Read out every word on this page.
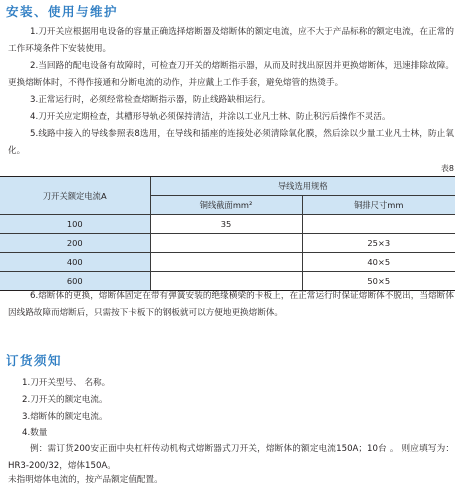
安装、使用与维护
1.刀开关应根据用电设备的容量正确选择熔断器及熔断体的额定电流，应不大于产品标称的额定电流，在正常的工作环境条件下安装使用。
2.当回路的配电设备有故障时，可检查刀开关的熔断指示器，从而及时找出原因并更换熔断体，迅速排除故障。更换熔断体时，不得作接通和分断电流的动作，并应戴上工作手套，避免熔管的热烫手。
3.正常运行时，必须经常检查熔断指示器，防止线路缺相运行。
4.刀开关应定期检查，其槽形导轨必须保持清洁，并涂以工业凡士林、防止积污后操作不灵活。
5.线路中接入的导线参照表8选用，在导线和插座的连接处必须清除氧化膜，然后涂以少量工业凡士林，防止氧化。
表8
刀开关额定电流A	导线选用规格	
	铜线截面mm²	铜排尺寸mm
100	35	
200		25×3
400		40×5
600		50×5
6.熔断体的更换，熔断体固定在带有弹簧安装的绝缘横梁的卡板上，在正常运行时保证熔断体不脱出，当熔断体因线路故障而熔断后，只需按下卡板下的钢板就可以方便地更换熔断体。
订货须知
1.刀开关型号、 名称。
2.刀开关的额定电流。
3.熔断体的额定电流。
4.数量
例：需订货200安正面中央杠杆传动机构式熔断器式刀开关，熔断体的额定电流150A；10台 。 则应填写为：HR3-200/32，熔体150A。
未指明熔体电流的，按产品额定值配置。
